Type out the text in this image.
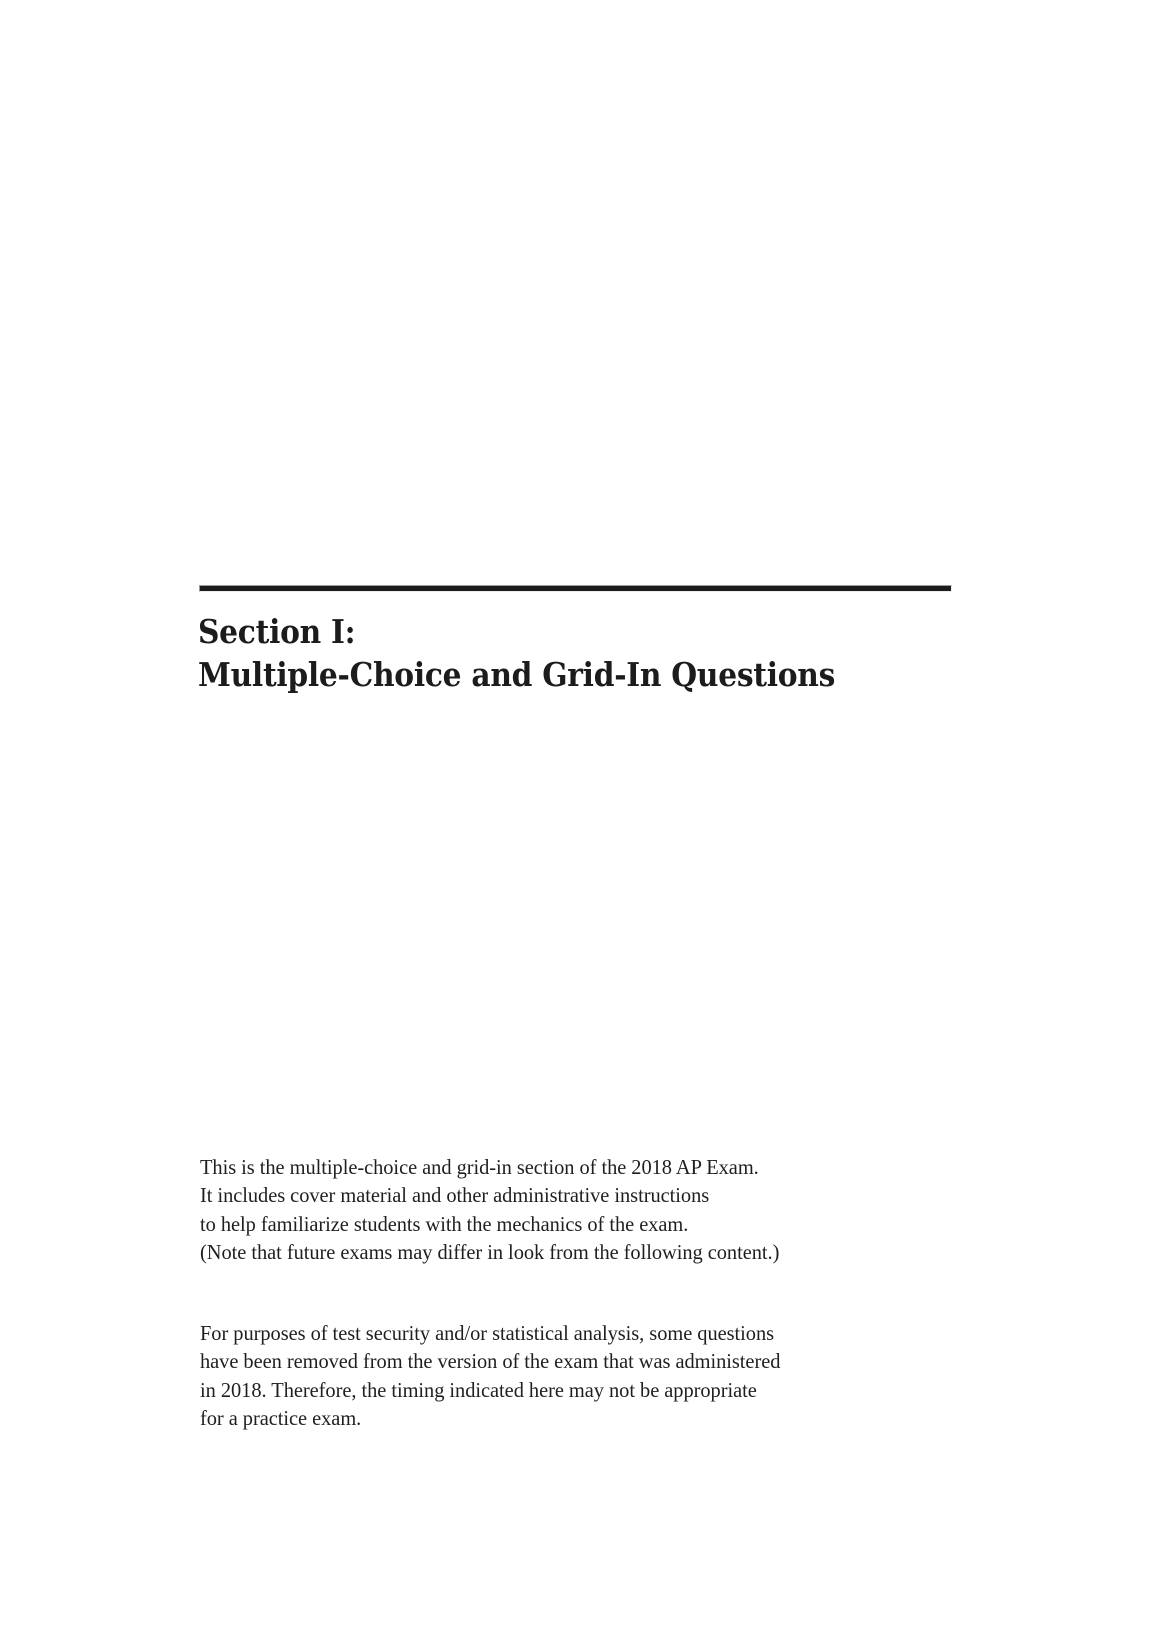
Section I:
Multiple-Choice and Grid-In Questions

This is the multiple-choice and grid-in section of the 2018 AP Exam.
It includes cover material and other administrative instructions
to help familiarize students with the mechanics of the exam.
(Note that future exams may differ in look from the following content.)

For purposes of test security and/or statistical analysis, some questions
have been removed from the version of the exam that was administered
in 2018. Therefore, the timing indicated here may not be appropriate
for a practice exam.
